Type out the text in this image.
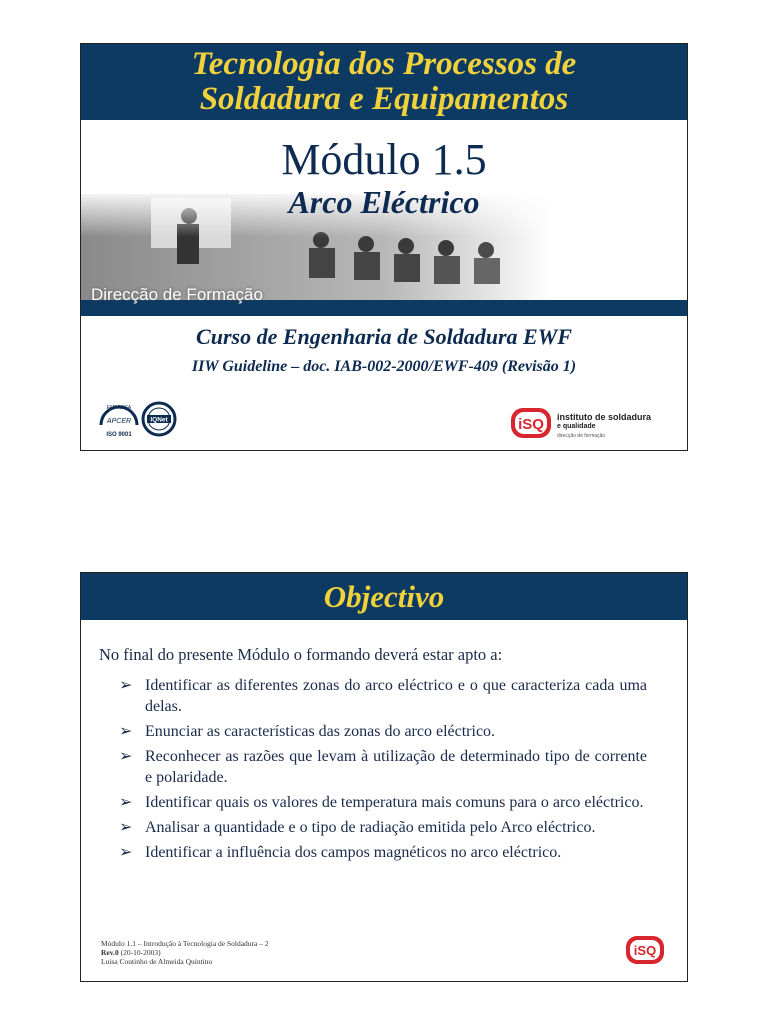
Tecnologia dos Processos de
Soldadura e Equipamentos
Módulo 1.5
Arco Eléctrico
Direcção de Formação
Curso de Engenharia de Soldadura EWF
IIW Guideline – doc. IAB-002-2000/EWF-409 (Revisão 1)
EMPRESA
APCER
ISO 9001
IQNet	iSQ instituto de soldadura
e qualidade
direcção de formação
Objectivo
No final do presente Módulo o formando deverá estar apto a:
➢ Identificar as diferentes zonas do arco eléctrico e o que caracteriza cada uma delas.
➢ Enunciar as características das zonas do arco eléctrico.
➢ Reconhecer as razões que levam à utilização de determinado tipo de corrente e polaridade.
➢ Identificar quais os valores de temperatura mais comuns para o arco eléctrico.
➢ Analisar a quantidade e o tipo de radiação emitida pelo Arco eléctrico.
➢ Identificar a influência dos campos magnéticos no arco eléctrico.
Módulo 1.1 – Introdução à Tecnologia de Soldadura – 2
Rev.0 (20-10-2003)
Luisa Coutinho de Almeida Quintino
iSQ
